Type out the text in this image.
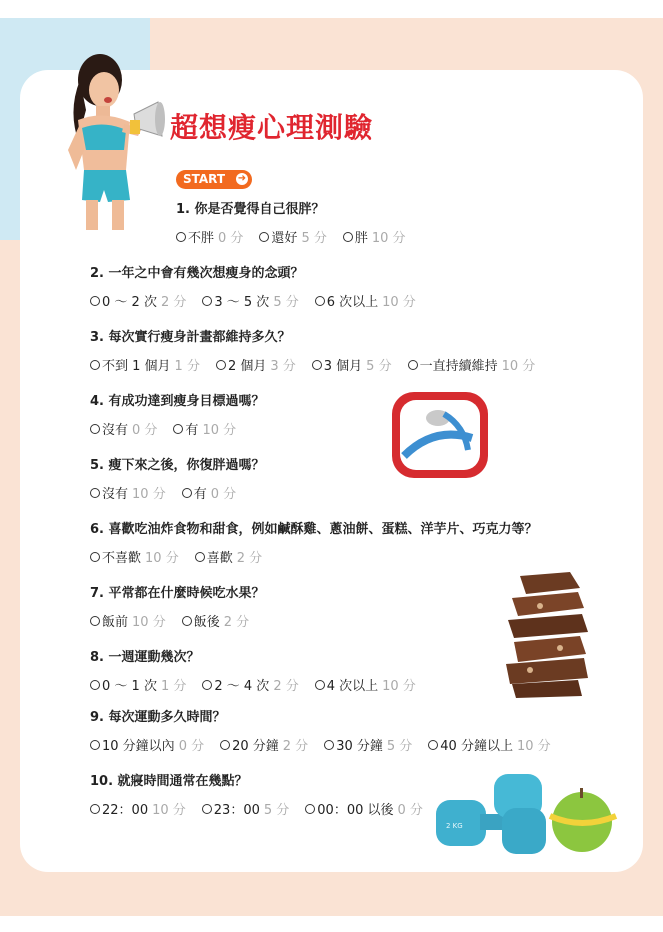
超想瘦心理測驗
START ➜
2 KG
1. 你是否覺得自己很胖？
不胖 0 分 還好 5 分 胖 10 分
2. 一年之中會有幾次想瘦身的念頭？
0 ～ 2 次 2 分 3 ～ 5 次 5 分 6 次以上 10 分
3. 每次實行瘦身計畫都維持多久？
不到 1 個月 1 分 2 個月 3 分 3 個月 5 分 一直持續維持 10 分
4. 有成功達到瘦身目標過嗎？
沒有 0 分 有 10 分
5. 瘦下來之後，你復胖過嗎？
沒有 10 分 有 0 分
6. 喜歡吃油炸食物和甜食，例如鹹酥雞、蔥油餅、蛋糕、洋芋片、巧克力等？
不喜歡 10 分 喜歡 2 分
7. 平常都在什麼時候吃水果？
飯前 10 分 飯後 2 分
8. 一週運動幾次？
0 ～ 1 次 1 分 2 ～ 4 次 2 分 4 次以上 10 分
9. 每次運動多久時間？
10 分鐘以內 0 分 20 分鐘 2 分 30 分鐘 5 分 40 分鐘以上 10 分
10. 就寢時間通常在幾點？
22：00 10 分 23：00 5 分 00：00 以後 0 分
